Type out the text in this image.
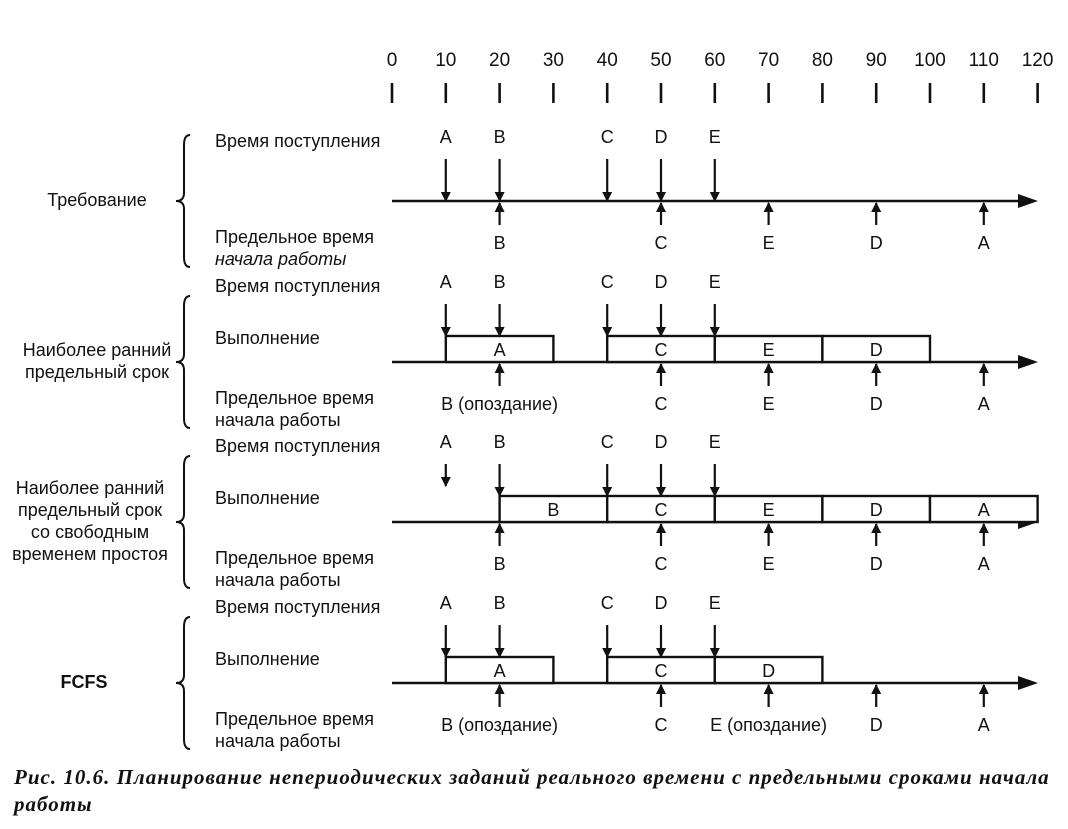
0 10 20 30 40 50 60 70 80 90 100 110 120
Требование
Время поступления
Предельное время
начала работы
A B	C D E
B	C	E	D	A
Наиболее ранний
предельный срок
Время поступления
Выполнение
Предельное время
начала работы
A	C	E	D
A B	C D E
C	E	D	A
B (опоздание)
Наиболее ранний
предельный срок
со свободным
временем простоя
Время поступления
Выполнение
Предельное время
начала работы
B	C	E	D	A
A B	C D E
B	C	E	D	A
FCFS
Время поступления
Выполнение
Предельное время
начала работы
A	C	D
A B	C D E
C	D	A
B (опоздание)	E (опоздание)
Рис. 10.6. Планирование непериодических заданий реального времени с предельными сроками начала работы
